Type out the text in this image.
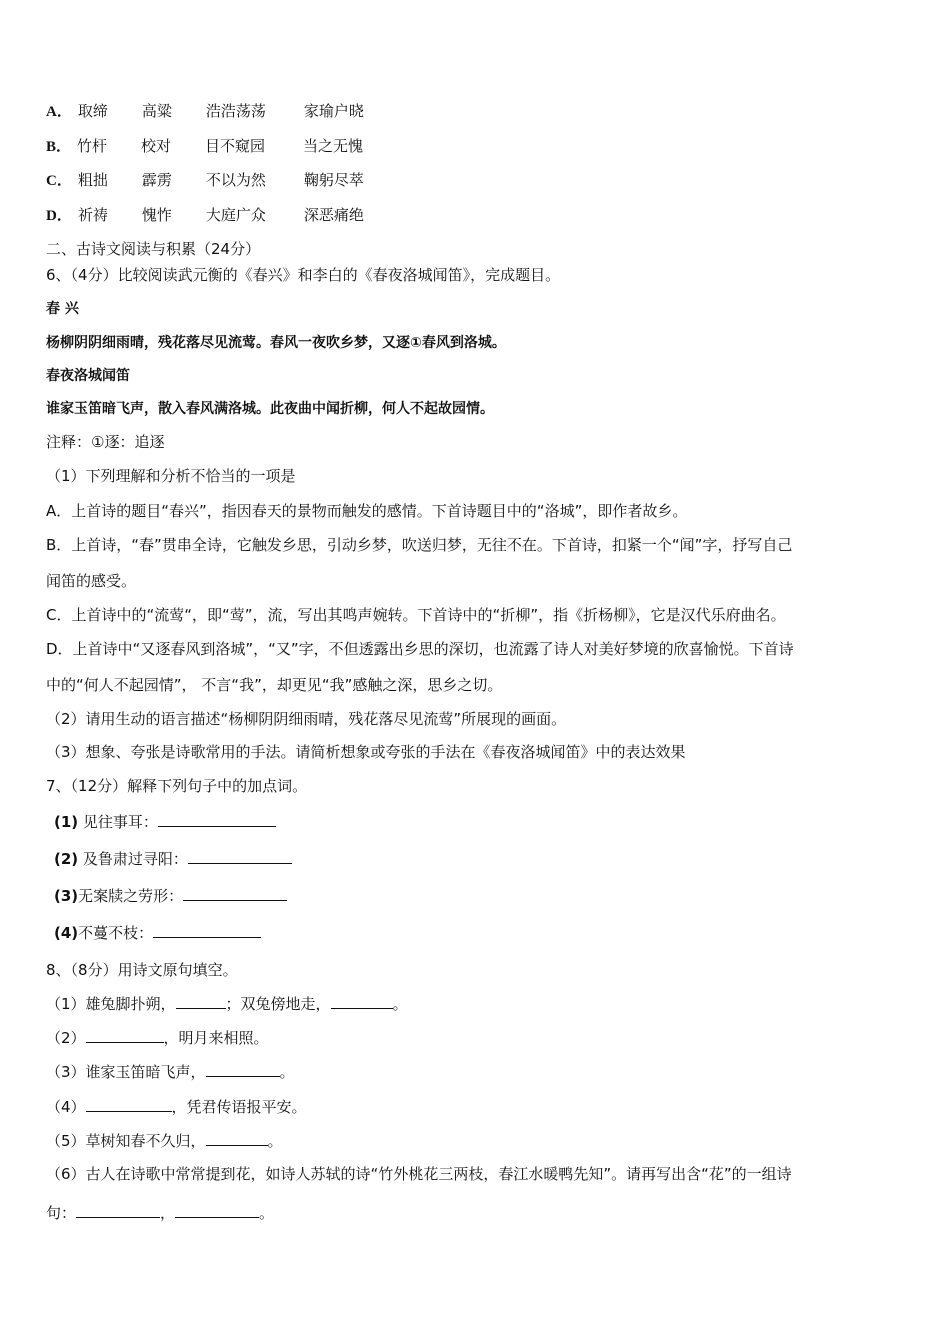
A． 取缔 高粱 浩浩荡荡	家瑜户晓
B． 竹杆 校对 目不窥园	当之无愧
C． 粗拙 霹雳 不以为然	鞠躬尽萃
D． 祈祷 愧怍 大庭广众	深恶痛绝
二、古诗文阅读与积累（24分）
6、（4分）比较阅读武元衡的《春兴》和李白的《春夜洛城闻笛》，完成题目。
春 兴
杨柳阴阴细雨晴，残花落尽见流莺。春风一夜吹乡梦，又逐①春风到洛城。
春夜洛城闻笛
谁家玉笛暗飞声，散入春风满洛城。此夜曲中闻折柳，何人不起故园情。
注释：①逐：追逐
（1）下列理解和分析不恰当的一项是
A．上首诗的题目“春兴”，指因春天的景物而触发的感情。下首诗题目中的“洛城”，即作者故乡。
B．上首诗，“春”贯串全诗，它触发乡思，引动乡梦，吹送归梦，无往不在。下首诗，扣紧一个“闻”字，抒写自己
闻笛的感受。
C．上首诗中的“流莺“，即“莺”，流，写出其鸣声婉转。下首诗中的“折柳”，指《折杨柳》，它是汉代乐府曲名。
D．上首诗中“又逐春风到洛城”，“又”字，不但透露出乡思的深切，也流露了诗人对美好梦境的欣喜愉悦。下首诗
中的“何人不起园情”， 不言“我”，却更见“我”感触之深，思乡之切。
（2）请用生动的语言描述“杨柳阴阴细雨晴，残花落尽见流莺”所展现的画面。
（3）想象、夸张是诗歌常用的手法。请简析想象或夸张的手法在《春夜洛城闻笛》中的表达效果
7、（12分）解释下列句子中的加点词。
(1) 见往事耳：
(2) 及鲁肃过寻阳：
(3)无案牍之劳形：
(4)不蔓不枝：
8、（8分）用诗文原句填空。
（1）雄兔脚扑朔，	；双兔傍地走，	。
（2）	，明月来相照。
（3）谁家玉笛暗飞声，	。
（4）	，凭君传语报平安。
（5）草树知春不久归，	。
（6）古人在诗歌中常常提到花，如诗人苏轼的诗“竹外桃花三两枝，春江水暖鸭先知”。请再写出含“花”的一组诗
句：	，	。
